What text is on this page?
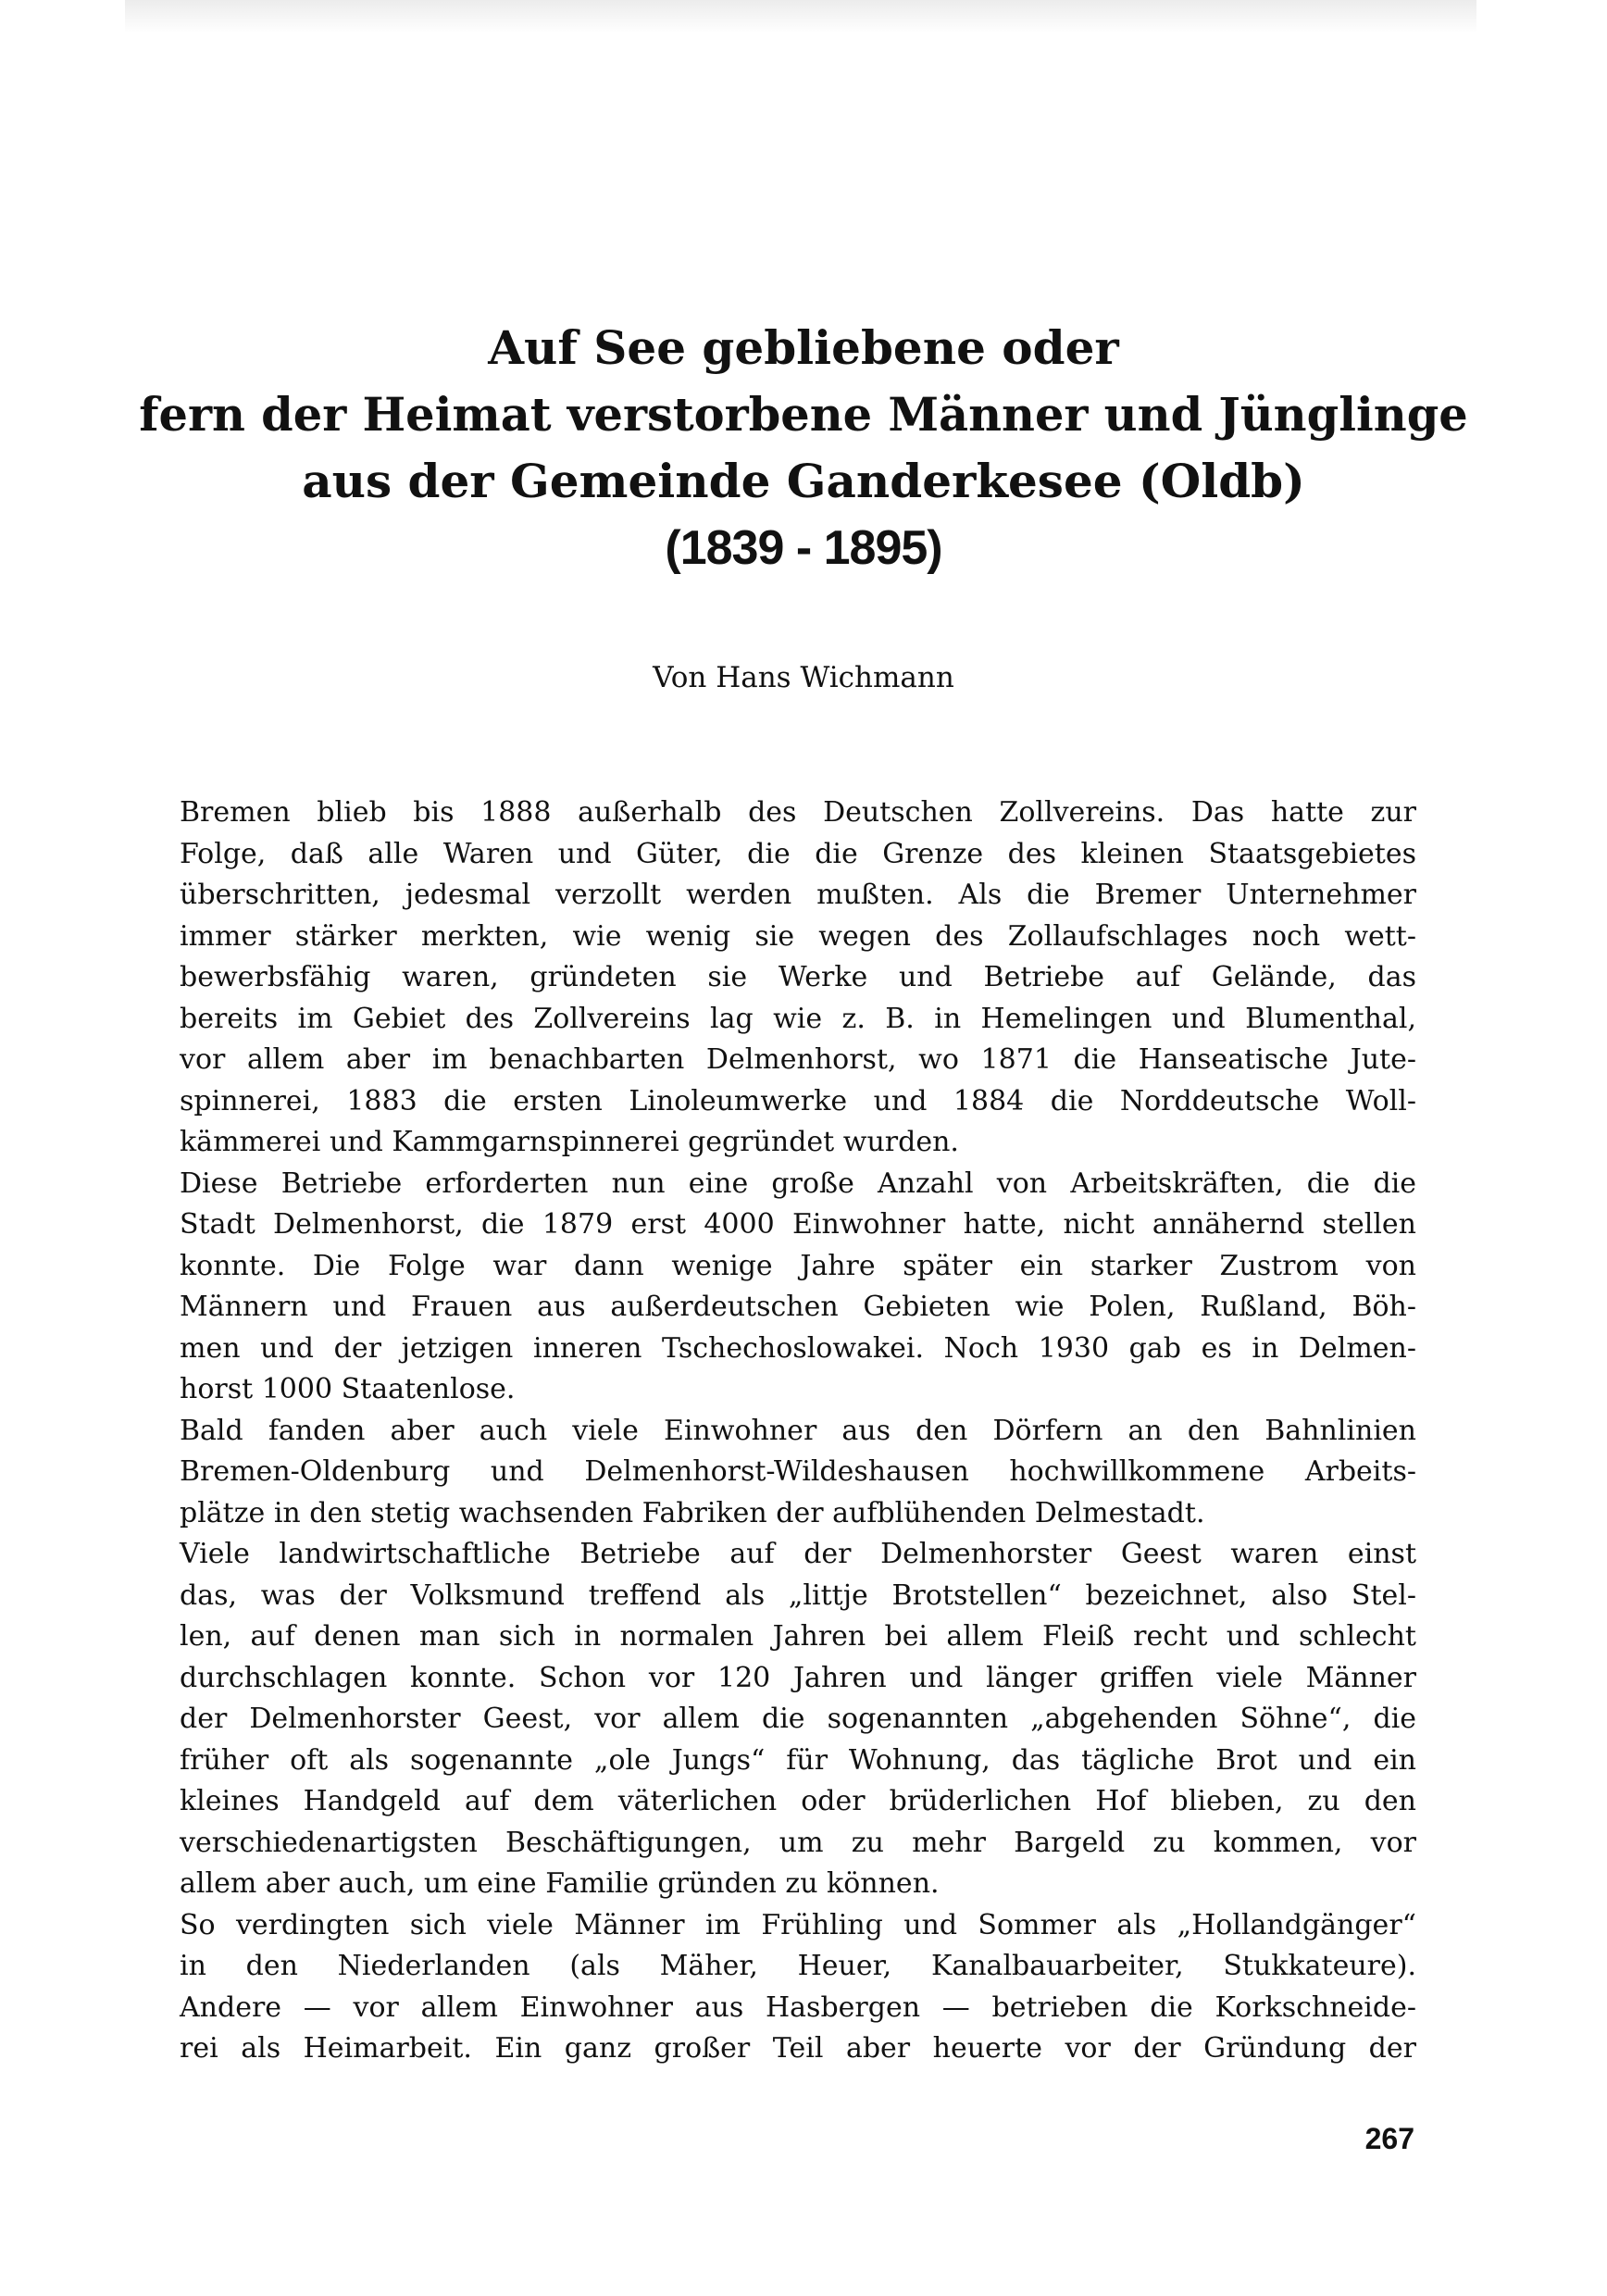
Auf See gebliebene oder
fern der Heimat verstorbene Männer und Jünglinge
aus der Gemeinde Ganderkesee (Oldb)
(1839 - 1895)
Von Hans Wichmann
Bremen blieb bis 1888 außerhalb des Deutschen Zollvereins. Das hatte zur
Folge, daß alle Waren und Güter, die die Grenze des kleinen Staatsgebietes
überschritten, jedesmal verzollt werden mußten. Als die Bremer Unternehmer
immer stärker merkten, wie wenig sie wegen des Zollaufschlages noch wett-
bewerbsfähig waren, gründeten sie Werke und Betriebe auf Gelände, das
bereits im Gebiet des Zollvereins lag wie z. B. in Hemelingen und Blumenthal,
vor allem aber im benachbarten Delmenhorst, wo 1871 die Hanseatische Jute-
spinnerei, 1883 die ersten Linoleumwerke und 1884 die Norddeutsche Woll-
kämmerei und Kammgarnspinnerei gegründet wurden.
Diese Betriebe erforderten nun eine große Anzahl von Arbeitskräften, die die
Stadt Delmenhorst, die 1879 erst 4000 Einwohner hatte, nicht annähernd stellen
konnte. Die Folge war dann wenige Jahre später ein starker Zustrom von
Männern und Frauen aus außerdeutschen Gebieten wie Polen, Rußland, Böh-
men und der jetzigen inneren Tschechoslowakei. Noch 1930 gab es in Delmen-
horst 1000 Staatenlose.
Bald fanden aber auch viele Einwohner aus den Dörfern an den Bahnlinien
Bremen-Oldenburg und Delmenhorst-Wildeshausen hochwillkommene Arbeits-
plätze in den stetig wachsenden Fabriken der aufblühenden Delmestadt.
Viele landwirtschaftliche Betriebe auf der Delmenhorster Geest waren einst
das, was der Volksmund treffend als „littje Brotstellen“ bezeichnet, also Stel-
len, auf denen man sich in normalen Jahren bei allem Fleiß recht und schlecht
durchschlagen konnte. Schon vor 120 Jahren und länger griffen viele Männer
der Delmenhorster Geest, vor allem die sogenannten „abgehenden Söhne“, die
früher oft als sogenannte „ole Jungs“ für Wohnung, das tägliche Brot und ein
kleines Handgeld auf dem väterlichen oder brüderlichen Hof blieben, zu den
verschiedenartigsten Beschäftigungen, um zu mehr Bargeld zu kommen, vor
allem aber auch, um eine Familie gründen zu können.
So verdingten sich viele Männer im Frühling und Sommer als „Hollandgänger“
in den Niederlanden (als Mäher, Heuer, Kanalbauarbeiter, Stukkateure).
Andere — vor allem Einwohner aus Hasbergen — betrieben die Korkschneide-
rei als Heimarbeit. Ein ganz großer Teil aber heuerte vor der Gründung der
267
